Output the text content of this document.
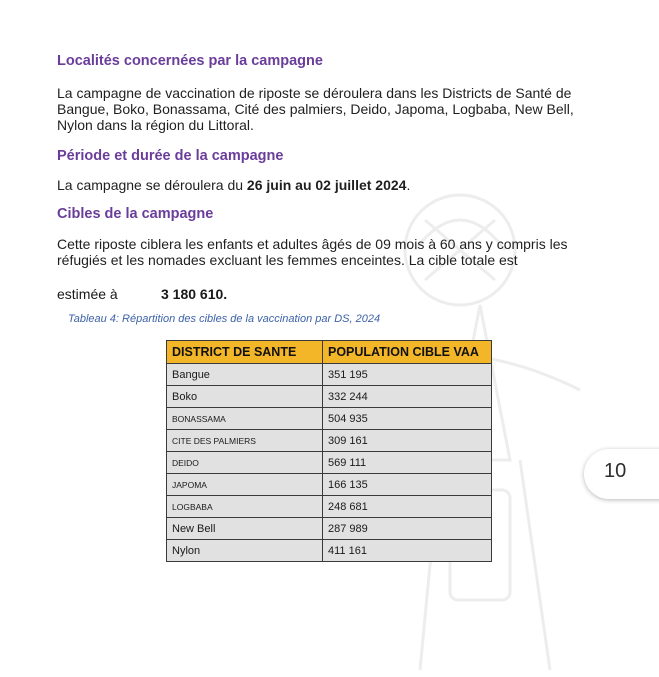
Localités concernées par la campagne

La campagne de vaccination de riposte se déroulera dans les Districts de Santé de Bangue, Boko, Bonassama, Cité des palmiers, Deido, Japoma, Logbaba, New Bell, Nylon dans la région du Littoral.

Période et durée de la campagne

La campagne se déroulera du 26 juin au 02 juillet 2024.

Cibles de la campagne

Cette riposte ciblera les enfants et adultes âgés de 09 mois à 60 ans y compris les réfugiés et les nomades excluant les femmes enceintes. La cible totale est

estimée à	3 180 610.

Tableau 4: Répartition des cibles de la vaccination par DS, 2024

DISTRICT DE SANTE	POPULATION CIBLE VAA
Bangue	351 195
Boko	332 244
BONASSAMA	504 935
CITE DES PALMIERS	309 161
DEIDO	569 111
JAPOMA	166 135
LOGBABA	248 681
New Bell	287 989
Nylon	411 161
10
